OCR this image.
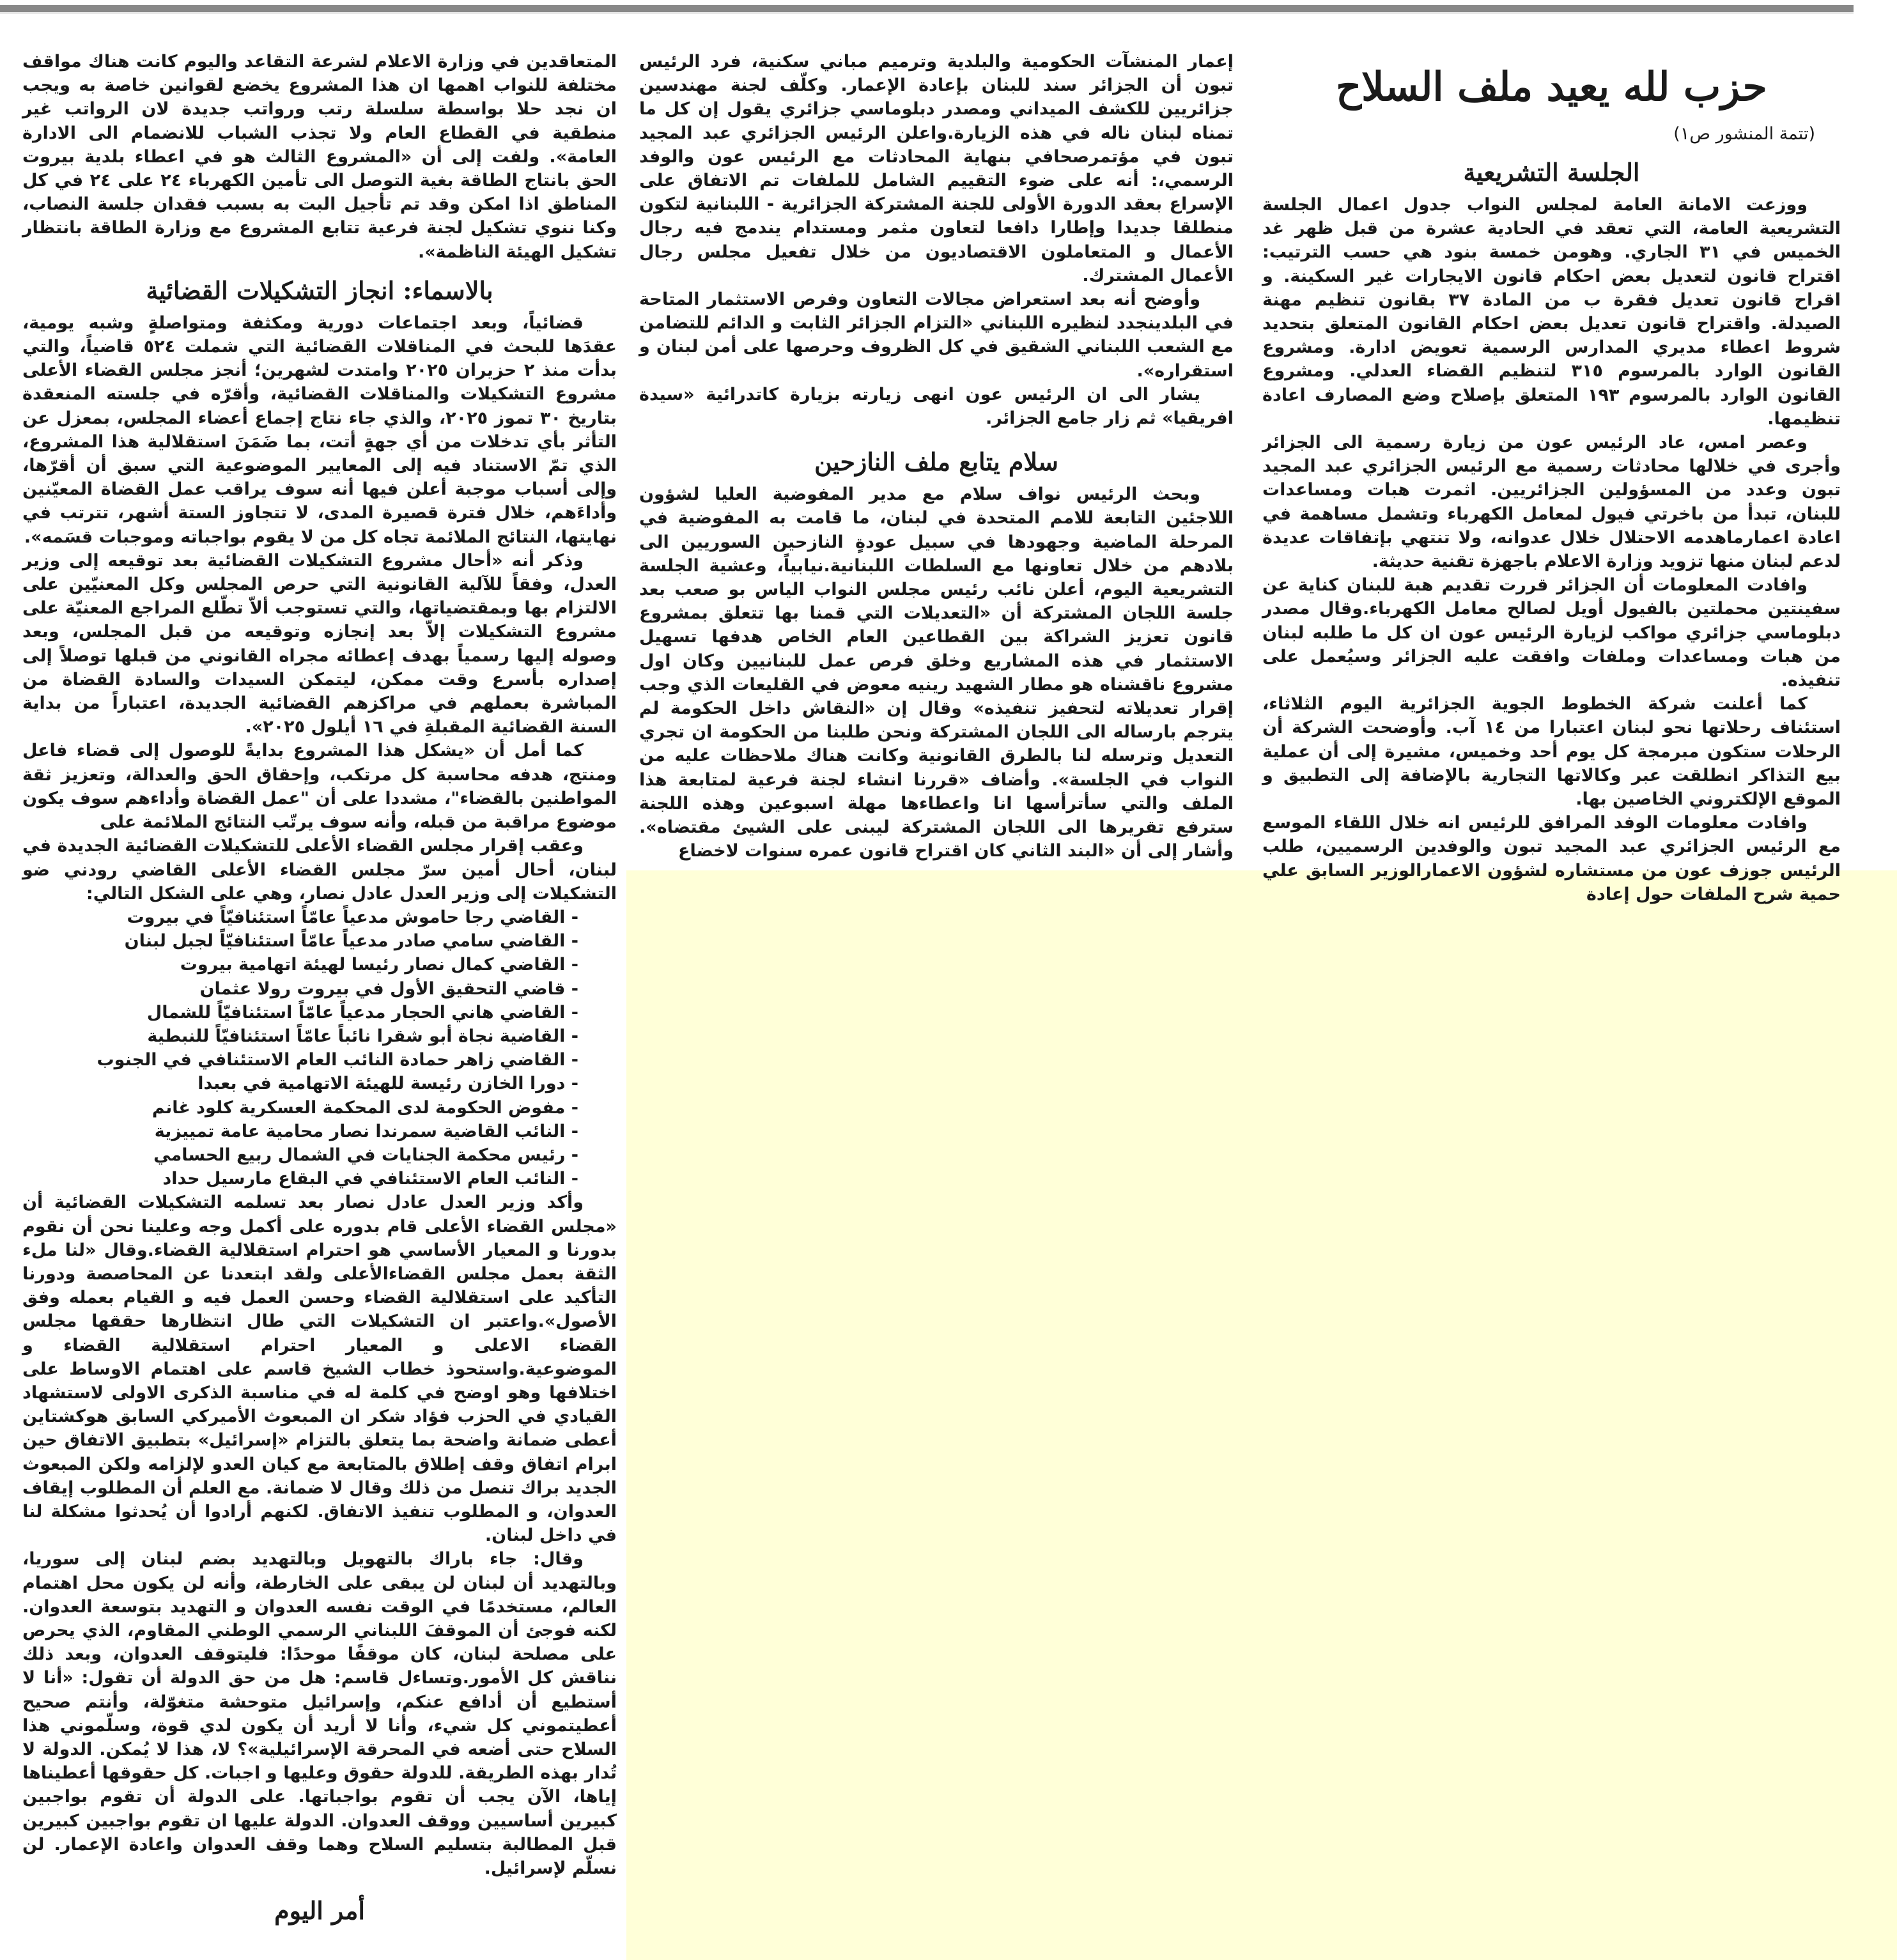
حزب لله يعيد ملف السلاح
(تتمة المنشور ص١)
الجلسة التشريعية

ووزعت الامانة العامة لمجلس النواب جدول اعمال الجلسة التشريعية العامة، التي تعقد في الحادية عشرة من قبل ظهر غد الخميس في ٣١ الجاري. وهومن خمسة بنود هي حسب الترتيب: اقتراح قانون لتعديل بعض احكام قانون الايجارات غير السكينة. و اقراح قانون تعديل فقرة ب من المادة ٣٧ بقانون تنظيم مهنة الصيدلة. واقتراح قانون تعديل بعض احكام القانون المتعلق بتحديد شروط اعطاء مديري المدارس الرسمية تعويض ادارة. ومشروع القانون الوارد بالمرسوم ٣١٥ لتنظيم القضاء العدلي. ومشروع القانون الوارد بالمرسوم ١٩٣ المتعلق بإصلاح وضع المصارف اعادة تنظيمها.

وعصر امس، عاد الرئيس عون من زيارة رسمية الى الجزائر وأجرى في خلالها محادثات رسمية مع الرئيس الجزائري عبد المجيد تبون وعدد من المسؤولين الجزائريين. اثمرت هبات ومساعدات للبنان، تبدأ من باخرتي فيول لمعامل الكهرباء وتشمل مساهمة في اعادة اعمارماهدمه الاحتلال خلال عدوانه، ولا تنتهي بإتفاقات عديدة لدعم لبنان منها تزويد وزارة الاعلام باجهزة تقنية حديثة.

وافادت المعلومات أن الجزائر قررت تقديم هبة للبنان كناية عن سفينتين محملتين بالفيول أويل لصالح معامل الكهرباء.وقال مصدر دبلوماسي جزائري مواكب لزيارة الرئيس عون ان كل ما طلبه لبنان من هبات ومساعدات وملفات وافقت عليه الجزائر وسيُعمل على تنفيذه.

كما أعلنت شركة الخطوط الجوية الجزائرية اليوم الثلاثاء، استئناف رحلاتها نحو لبنان اعتبارا من ١٤ آب. وأوضحت الشركة أن الرحلات ستكون مبرمجة كل يوم أحد وخميس، مشيرة إلى أن عملية بيع التذاكر انطلقت عبر وكالاتها التجارية بالإضافة إلى التطبيق و الموقع الإلكتروني الخاصين بها.

وافادت معلومات الوفد المرافق للرئيس انه خلال اللقاء الموسع مع الرئيس الجزائري عبد المجيد تبون والوفدين الرسميين، طلب الرئيس جوزف عون من مستشاره لشؤون الاعمارالوزير السابق علي حمية شرح الملفات حول إعادة

إعمار المنشآت الحكومية والبلدية وترميم مباني سكنية، فرد الرئيس تبون أن الجزائر سند للبنان بإعادة الإعمار. وكلّف لجنة مهندسين جزائريين للكشف الميداني ومصدر دبلوماسي جزائري يقول إن كل ما تمناه لبنان ناله في هذه الزيارة.واعلن الرئيس الجزائري عبد المجيد تبون في مؤتمرصحافي بنهاية المحادثات مع الرئيس عون والوفد الرسمي،: أنه على ضوء التقييم الشامل للملفات تم الاتفاق على الإسراع بعقد الدورة الأولى للجنة المشتركة الجزائرية - اللبنانية لتكون منطلقا جديدا وإطارا دافعا لتعاون مثمر ومستدام يندمج فيه رجال الأعمال و المتعاملون الاقتصاديون من خلال تفعيل مجلس رجال الأعمال المشترك.

وأوضح أنه بعد استعراض مجالات التعاون وفرص الاستثمار المتاحة في البلدينجدد لنظيره اللبناني «التزام الجزائر الثابت و الدائم للتضامن مع الشعب اللبناني الشقيق في كل الظروف وحرصها على أمن لبنان و استقراره».

يشار الى ان الرئيس عون انهى زيارته بزيارة كاتدرائية «سيدة افريقيا» ثم زار جامع الجزائر.

سلام يتابع ملف النازحين

وبحث الرئيس نواف سلام مع مدير المفوضية العليا لشؤون اللاجئين التابعة للامم المتحدة في لبنان، ما قامت به المفوضية في المرحلة الماضية وجهودها في سبيل عودةٍ النازحين السوريين الى بلادهم من خلال تعاونها مع السلطات اللبنانية.نيابياً، وعشية الجلسة التشريعية اليوم، أعلن نائب رئيس مجلس النواب الياس بو صعب بعد جلسة اللجان المشتركة أن «التعديلات التي قمنا بها تتعلق بمشروع قانون تعزيز الشراكة بين القطاعين العام الخاص هدفها تسهيل الاستثمار في هذه المشاريع وخلق فرص عمل للبنانيين وكان اول مشروع ناقشناه هو مطار الشهيد رينيه معوض في القليعات الذي وجب إقرار تعديلاته لتحفيز تنفيذه» وقال إن «النقاش داخل الحكومة لم يترجم بارساله الى اللجان المشتركة ونحن طلبنا من الحكومة ان تجري التعديل وترسله لنا بالطرق القانونية وكانت هناك ملاحظات عليه من النواب في الجلسة». وأضاف «قررنا انشاء لجنة فرعية لمتابعة هذا الملف والتي سأترأسها انا واعطاءها مهلة اسبوعين وهذه اللجنة سترفع تقريرها الى اللجان المشتركة ليبنى على الشيئ مقتضاه». وأشار إلى أن «البند الثاني كان اقتراح قانون عمره سنوات لاخضاع

المتعاقدين في وزارة الاعلام لشرعة التقاعد واليوم كانت هناك مواقف مختلفة للنواب اهمها ان هذا المشروع يخضع لقوانين خاصة به ويجب ان نجد حلا بواسطة سلسلة رتب ورواتب جديدة لان الرواتب غير منطقية في القطاع العام ولا تجذب الشباب للانضمام الى الادارة العامة». ولفت إلى أن «المشروع الثالث هو في اعطاء بلدية بيروت الحق بانتاج الطاقة بغية التوصل الى تأمين الكهرباء ٢٤ على ٢٤ في كل المناطق اذا امكن وقد تم تأجيل البت به بسبب فقدان جلسة النصاب، وكنا ننوي تشكيل لجنة فرعية تتابع المشروع مع وزارة الطاقة بانتظار تشكيل الهيئة الناظمة».

بالاسماء: انجاز التشكيلات القضائية

قضائياً، وبعد اجتماعات دورية ومكثفة ومتواصلةٍ وشبه يومية، عقدَها للبحث في المناقلات القضائية التي شملت ٥٢٤ قاضياً، والتي بدأت منذ ٢ حزيران ٢٠٢٥ وامتدت لشهرين؛ أنجز مجلس القضاء الأعلى مشروع التشكيلات والمناقلات القضائية، وأقرّه في جلسته المنعقدة بتاريخ ٣٠ تموز ٢٠٢٥، والذي جاء نتاج إجماع أعضاء المجلس، بمعزل عن التأثر بأي تدخلات من أي جهةٍ أتت، بما ضَمَنَ استقلالية هذا المشروع، الذي تمّ الاستناد فيه إلى المعايير الموضوعية التي سبق أن أقرّها، وإلى أسباب موجبة أعلن فيها أنه سوف يراقب عمل القضاة المعيّنين وأداءَهم، خلال فترة قصيرة المدى، لا تتجاوز الستة أشهر، تترتب في نهايتها، النتائج الملائمة تجاه كل من لا يقوم بواجباته وموجبات قسَمه».

وذكر أنه «أحال مشروع التشكيلات القضائية بعد توقيعه إلى وزير العدل، وفقاً للآلية القانونية التي حرص المجلس وكل المعنيّين على الالتزام بها وبمقتضياتها، والتي تستوجب ألاّ تطّلع المراجع المعنيّة على مشروع التشكيلات إلاّ بعد إنجازه وتوقيعه من قبل المجلس، وبعد وصوله إليها رسمياً بهدف إعطائه مجراه القانوني من قبلها توصلاً إلى إصداره بأسرع وقت ممكن، ليتمكن السيدات والسادة القضاة من المباشرة بعملهم في مراكزهم القضائية الجديدة، اعتباراً من بداية السنة القضائية المقبلةِ في ١٦ أيلول ٢٠٢٥».

كما أمل أن «يشكل هذا المشروع بدايةً للوصول إلى قضاء فاعل ومنتج، هدفه محاسبة كل مرتكب، وإحقاق الحق والعدالة، وتعزيز ثقة المواطنين بالقضاء"، مشددا على أن "عمل القضاة وأداءهم سوف يكون موضوع مراقبة من قبله، وأنه سوف يرتّب النتائج الملائمة على

وعقب إقرار مجلس القضاء الأعلى للتشكيلات القضائية الجديدة في لبنان، أحال أمين سرّ مجلس القضاء الأعلى القاضي رودني ضو التشكيلات إلى وزير العدل عادل نصار، وهي على الشكل التالي:

- القاضي رجا حاموش مدعياً عامّاً استئنافيّاً في بيروت
- القاضي سامي صادر مدعياً عامّاً استئنافيّاً لجبل لبنان
- القاضي كمال نصار رئيسا لهيئة اتهامية بيروت
- قاضي التحقيق الأول في بيروت رولا عثمان
- القاضي هاني الحجار مدعياً عامّاً استئنافيّاً للشمال
- القاضية نجاة أبو شقرا نائباً عامّاً استئنافيّاً للنبطية
- القاضي زاهر حمادة النائب العام الاستئنافي في الجنوب
- دورا الخازن رئيسة للهيئة الاتهامية في بعبدا
- مفوض الحكومة لدى المحكمة العسكرية كلود غانم
- النائب القاضية سمرندا نصار محامية عامة تمييزية
- رئيس محكمة الجنايات في الشمال ربيع الحسامي
- النائب العام الاستئنافي في البقاع مارسيل حداد

وأكد وزير العدل عادل نصار بعد تسلمه التشكيلات القضائية أن «مجلس القضاء الأعلى قام بدوره على أكمل وجه وعلينا نحن أن نقوم بدورنا و المعيار الأساسي هو احترام استقلالية القضاء.وقال «لنا ملء الثقة بعمل مجلس القضاءالأعلى ولقد ابتعدنا عن المحاصصة ودورنا التأكيد على استقلالية القضاء وحسن العمل فيه و القيام بعمله وفق الأصول».واعتبر ان التشكيلات التي طال انتظارها حققها مجلس القضاء الاعلى و المعيار احترام استقلالية القضاء و الموضوعية.واستحوذ خطاب الشيخ قاسم على اهتمام الاوساط على اختلافها وهو اوضح في كلمة له في مناسبة الذكرى الاولى لاستشهاد القيادي في الحزب فؤاد شكر ان المبعوث الأميركي السابق هوكشتاين أعطى ضمانة واضحة بما يتعلق بالتزام «إسرائيل» بتطبيق الاتفاق حين ابرام اتفاق وقف إطلاق بالمتابعة مع كيان العدو لإلزامه ولكن المبعوث الجديد براك تنصل من ذلك وقال لا ضمانة. مع العلم أن المطلوب إيقاف العدوان، و المطلوب تنفيذ الاتفاق. لكنهم أرادوا أن يُحدثوا مشكلة لنا في داخل لبنان.

وقال: جاء باراك بالتهويل وبالتهديد بضم لبنان إلى سوريا، وبالتهديد أن لبنان لن يبقى على الخارطة، وأنه لن يكون محل اهتمام العالم، مستخدمًا في الوقت نفسه العدوان و التهديد بتوسعة العدوان. لكنه فوجئ أن الموقفَ اللبناني الرسمي الوطني المقاوم، الذي يحرص على مصلحة لبنان، كان موقفًا موحدًا: فليتوقف العدوان، وبعد ذلك نناقش كل الأمور.وتساءل قاسم: هل من حق الدولة أن تقول: «أنا لا أستطيع أن أدافع عنكم، وإسرائيل متوحشة متغوّلة، وأنتم صحيح أعطيتموني كل شيء، وأنا لا أريد أن يكون لدي قوة، وسلّموني هذا السلاح حتى أضعه في المحرقة الإسرائيلية»؟ لا، هذا لا يُمكن. الدولة لا تُدار بهذه الطريقة. للدولة حقوق وعليها و اجبات. كل حقوقها أعطيناها إياها، الآن يجب أن تقوم بواجباتها. على الدولة أن تقوم بواجبين كبيرين أساسيين ووقف العدوان. الدولة عليها ان تقوم بواجبين كبيرين قبل المطالبة بتسليم السلاح وهما وقف العدوان واعادة الإعمار. لن نسلّم لإسرائيل.

أمر اليوم
